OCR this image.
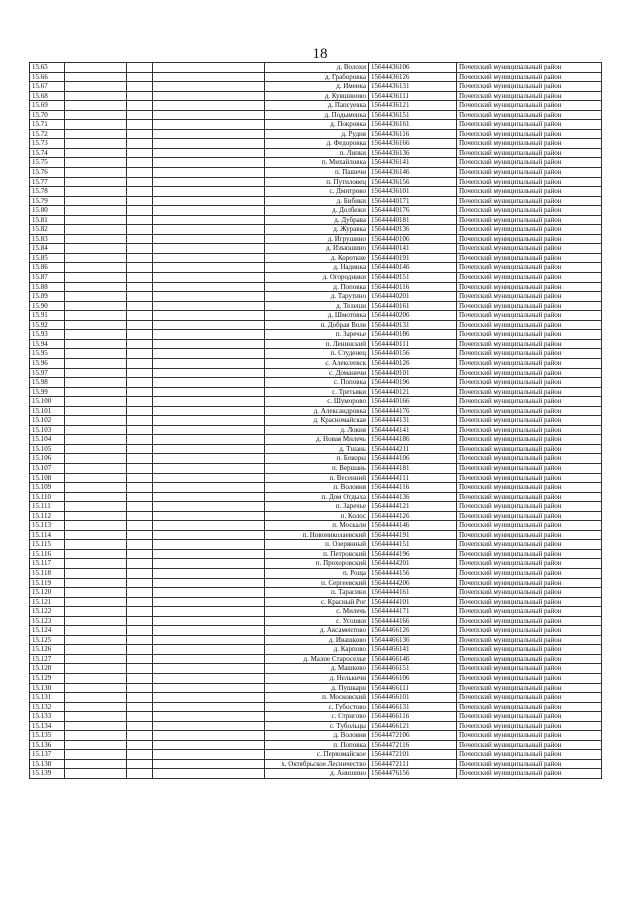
18
15.65				д. Волохи	15644436106	Почепский муниципальный район
15.66				д. Граборовка	15644436126	Почепский муниципальный район
15.67				д. Именка	15644436131	Почепский муниципальный район
15.68				д. Кувшиново	15644436111	Почепский муниципальный район
15.69				д. Папсуевка	15644436121	Почепский муниципальный район
15.70				д. Подыменка	15644436151	Почепский муниципальный район
15.71				д. Покровка	15644436161	Почепский муниципальный район
15.72				д. Рудня	15644436116	Почепский муниципальный район
15.73				д. Федоровка	15644436166	Почепский муниципальный район
15.74				п. Липки	15644436136	Почепский муниципальный район
15.75				п. Михайловка	15644436141	Почепский муниципальный район
15.76				п. Пашечи	15644436146	Почепский муниципальный район
15.77				п. Путиловец	15644436156	Почепский муниципальный район
15.78				с. Дмитрово	15644436101	Почепский муниципальный район
15.79				д. Бибики	15644440171	Почепский муниципальный район
15.80				д. Долбежи	15644440176	Почепский муниципальный район
15.81				д. Дубрава	15644440181	Почепский муниципальный район
15.82				д. Журавка	15644440136	Почепский муниципальный район
15.83				д. Игрушино	15644440106	Почепский муниципальный район
15.84				д. Изъюшино	15644440141	Почепский муниципальный район
15.85				д. Короткие	15644440191	Почепский муниципальный район
15.86				д. Надинка	15644440146	Почепский муниципальный район
15.87				д. Огородники	15644440151	Почепский муниципальный район
15.88				д. Поповка	15644440116	Почепский муниципальный район
15.89				д. Тарутино	15644440201	Почепский муниципальный район
15.90				д. Телеши	15644440161	Почепский муниципальный район
15.91				д. Шмотовка	15644440206	Почепский муниципальный район
15.92				п. Добрая Воля	15644440131	Почепский муниципальный район
15.93				п. Заречье	15644440186	Почепский муниципальный район
15.94				п. Ленинский	15644440111	Почепский муниципальный район
15.95				п. Студенец	15644440156	Почепский муниципальный район
15.96				с. Алексеевск	15644440126	Почепский муниципальный район
15.97				с. Доманичи	15644440101	Почепский муниципальный район
15.98				с. Поповка	15644440196	Почепский муниципальный район
15.99				с. Третьяки	15644440121	Почепский муниципальный район
15.100				с. Шуморово	15644440166	Почепский муниципальный район
15.101				д. Александровка	15644444176	Почепский муниципальный район
15.102				д. Красномайская	15644444131	Почепский муниципальный район
15.103				д. Локня	15644444141	Почепский муниципальный район
15.104				д. Новая Милечь	15644444186	Почепский муниципальный район
15.105				д. Тшань	15644444211	Почепский муниципальный район
15.106				п. Бокоры	15644444106	Почепский муниципальный район
15.107				п. Вершань	15644444181	Почепский муниципальный район
15.108				п. Весенний	15644444111	Почепский муниципальный район
15.109				п. Воловня	15644444116	Почепский муниципальный район
15.110				п. Дом Отдыха	15644444136	Почепский муниципальный район
15.111				п. Заречье	15644444121	Почепский муниципальный район
15.112				п. Колос	15644444126	Почепский муниципальный район
15.113				п. Москали	15644444146	Почепский муниципальный район
15.114				п. Новониколаевский	15644444191	Почепский муниципальный район
15.115				п. Озерянный	15644444151	Почепский муниципальный район
15.116				п. Петровский	15644444196	Почепский муниципальный район
15.117				п. Прохоровский	15644444201	Почепский муниципальный район
15.118				п. Роща	15644444156	Почепский муниципальный район
15.119				п. Сергеевский	15644444206	Почепский муниципальный район
15.120				п. Тарасики	15644444161	Почепский муниципальный район
15.121				с. Красный Рог	15644444101	Почепский муниципальный район
15.122				с. Милечь	15644444171	Почепский муниципальный район
15.123				с. Усошки	15644444166	Почепский муниципальный район
15.124				д. Аксаментово	15644466126	Почепский муниципальный район
15.125				д. Ивашково	15644466136	Почепский муниципальный район
15.126				д. Карпово	15644466141	Почепский муниципальный район
15.127				д. Малое Староселье	15644466146	Почепский муниципальный район
15.128				д. Машково	15644466151	Почепский муниципальный район
15.129				д. Нелькичи	15644466106	Почепский муниципальный район
15.130				д. Пушкари	15644466111	Почепский муниципальный район
15.131				п. Московский	15644466101	Почепский муниципальный район
15.132				с. Губостово	15644466131	Почепский муниципальный район
15.133				с. Стригово	15644466116	Почепский муниципальный район
15.134				с. Тубольцы	15644466121	Почепский муниципальный район
15.135				д. Воловня	15644472106	Почепский муниципальный район
15.136				п. Поповка	15644472116	Почепский муниципальный район
15.137				с. Первомайское	15644472101	Почепский муниципальный район
15.138				х. Октябрьское Лесничество	15644472111	Почепский муниципальный район
15.139				д. Анишино	15644476156	Почепский муниципальный район
